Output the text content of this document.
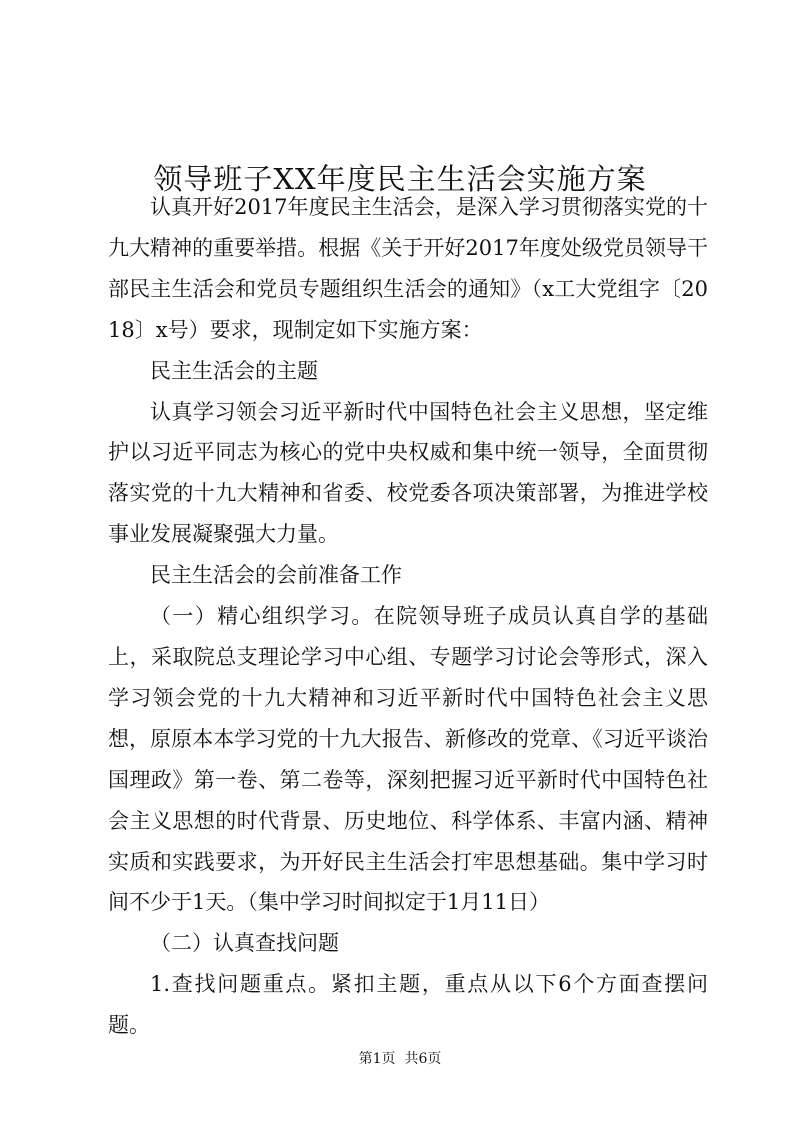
领导班子XX年度民主生活会实施方案

认真开好2017年度民主生活会，是深入学习贯彻落实党的十九大精神的重要举措。根据《关于开好2017年度处级党员领导干部民主生活会和党员专题组织生活会的通知》（x工大党组字〔2018〕x号）要求，现制定如下实施方案：

民主生活会的主题

认真学习领会习近平新时代中国特色社会主义思想，坚定维护以习近平同志为核心的党中央权威和集中统一领导，全面贯彻落实党的十九大精神和省委、校党委各项决策部署，为推进学校事业发展凝聚强大力量。

民主生活会的会前准备工作

（一）精心组织学习。在院领导班子成员认真自学的基础上，采取院总支理论学习中心组、专题学习讨论会等形式，深入学习领会党的十九大精神和习近平新时代中国特色社会主义思想，原原本本学习党的十九大报告、新修改的党章、《习近平谈治国理政》第一卷、第二卷等，深刻把握习近平新时代中国特色社会主义思想的时代背景、历史地位、科学体系、丰富内涵、精神实质和实践要求，为开好民主生活会打牢思想基础。集中学习时间不少于1天。（集中学习时间拟定于1月11日）

（二）认真查找问题

1.查找问题重点。紧扣主题，重点从以下6个方面查摆问题。

第1页 共6页
